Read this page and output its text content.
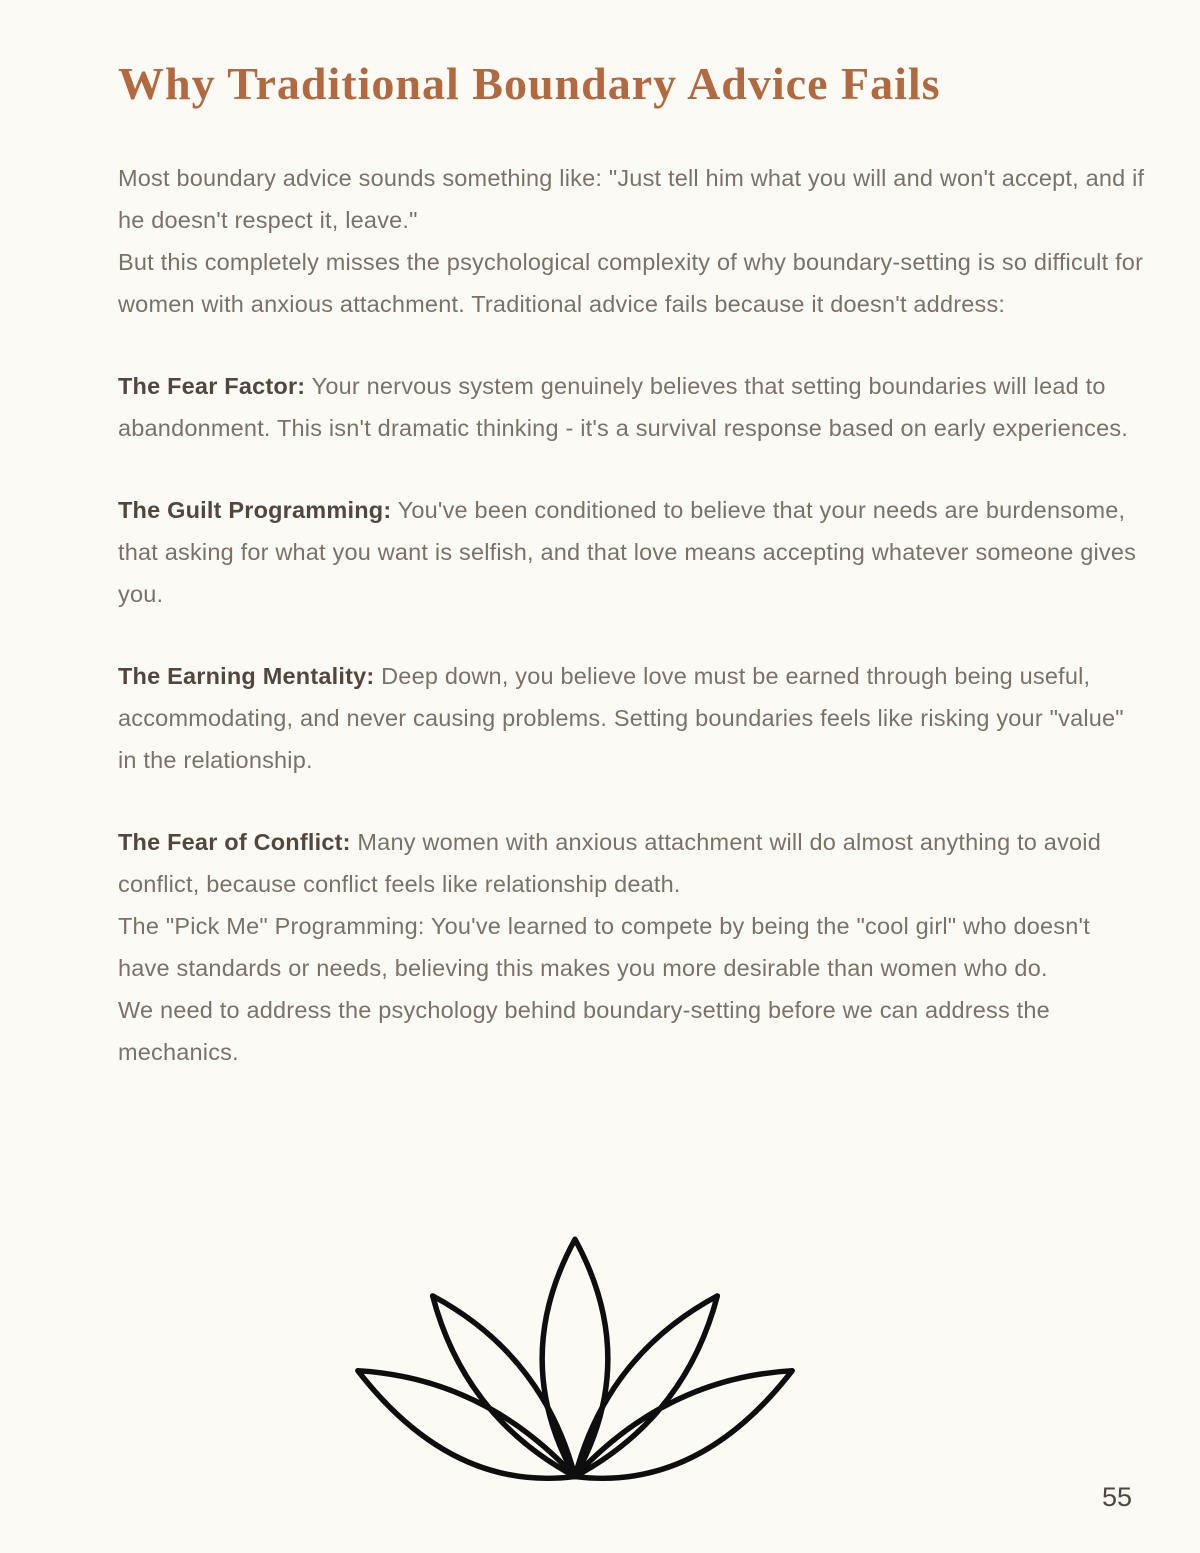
Why Traditional Boundary Advice Fails

Most boundary advice sounds something like: "Just tell him what you will and won't accept, and if he doesn't respect it, leave."

But this completely misses the psychological complexity of why boundary-setting is so difficult for women with anxious attachment. Traditional advice fails because it doesn't address:

The Fear Factor: Your nervous system genuinely believes that setting boundaries will lead to abandonment. This isn't dramatic thinking - it's a survival response based on early experiences.

The Guilt Programming: You've been conditioned to believe that your needs are burdensome, that asking for what you want is selfish, and that love means accepting whatever someone gives you.

The Earning Mentality: Deep down, you believe love must be earned through being useful, accommodating, and never causing problems. Setting boundaries feels like risking your "value" in the relationship.

The Fear of Conflict: Many women with anxious attachment will do almost anything to avoid conflict, because conflict feels like relationship death.

The "Pick Me" Programming: You've learned to compete by being the "cool girl" who doesn't have standards or needs, believing this makes you more desirable than women who do.

We need to address the psychology behind boundary-setting before we can address the mechanics.

55
